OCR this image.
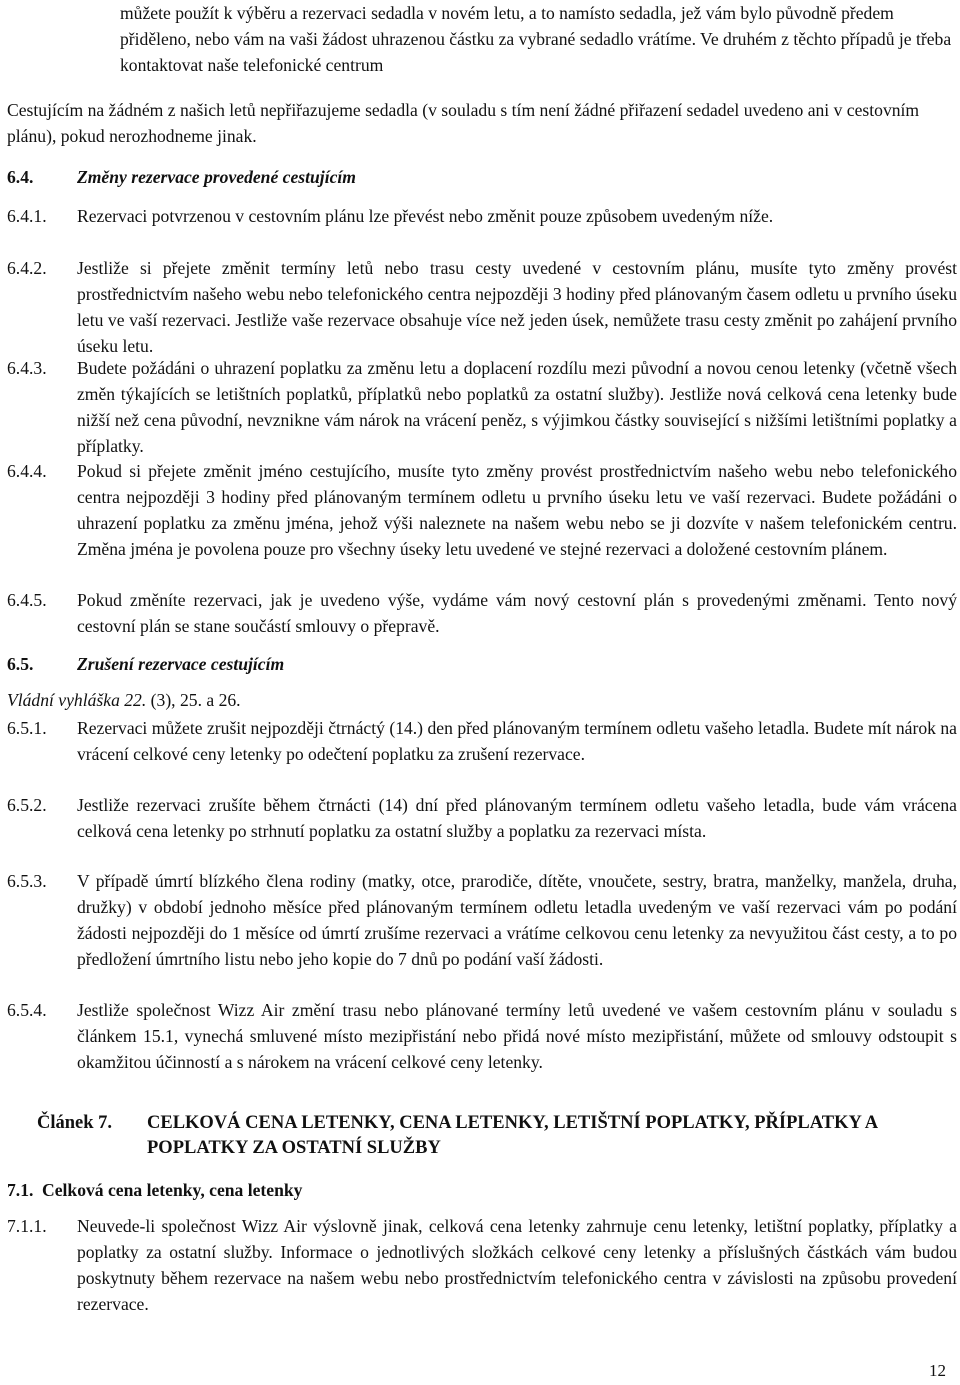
můžete použít k výběru a rezervaci sedadla v novém letu, a to namísto sedadla, jež vám bylo původně předem přiděleno, nebo vám na vaši žádost uhrazenou částku za vybrané sedadlo vrátíme. Ve druhém z těchto případů je třeba kontaktovat naše telefonické centrum
Cestujícím na žádném z našich letů nepřiřazujeme sedadla (v souladu s tím není žádné přiřazení sedadel uvedeno ani v cestovním plánu), pokud nerozhodneme jinak.
6.4. Změny rezervace provedené cestujícím
6.4.1.	Rezervaci potvrzenou v cestovním plánu lze převést nebo změnit pouze způsobem uvedeným níže.
6.4.2.	Jestliže si přejete změnit termíny letů nebo trasu cesty uvedené v cestovním plánu, musíte tyto změny provést prostřednictvím našeho webu nebo telefonického centra nejpozději 3 hodiny před plánovaným časem odletu u prvního úseku letu ve vaší rezervaci. Jestliže vaše rezervace obsahuje více než jeden úsek, nemůžete trasu cesty změnit po zahájení prvního úseku letu.
6.4.3.	Budete požádáni o uhrazení poplatku za změnu letu a doplacení rozdílu mezi původní a novou cenou letenky (včetně všech změn týkajících se letištních poplatků, příplatků nebo poplatků za ostatní služby). Jestliže nová celková cena letenky bude nižší než cena původní, nevznikne vám nárok na vrácení peněz, s výjimkou částky související s nižšími letištními poplatky a příplatky.
6.4.4.	Pokud si přejete změnit jméno cestujícího, musíte tyto změny provést prostřednictvím našeho webu nebo telefonického centra nejpozději 3 hodiny před plánovaným termínem odletu u prvního úseku letu ve vaší rezervaci. Budete požádáni o uhrazení poplatku za změnu jména, jehož výši naleznete na našem webu nebo se ji dozvíte v našem telefonickém centru. Změna jména je povolena pouze pro všechny úseky letu uvedené ve stejné rezervaci a doložené cestovním plánem.
6.4.5.	Pokud změníte rezervaci, jak je uvedeno výše, vydáme vám nový cestovní plán s provedenými změnami. Tento nový cestovní plán se stane součástí smlouvy o přepravě.
6.5. Zrušení rezervace cestujícím
Vládní vyhláška 22. (3), 25. a 26.
6.5.1.	Rezervaci můžete zrušit nejpozději čtrnáctý (14.) den před plánovaným termínem odletu vašeho letadla. Budete mít nárok na vrácení celkové ceny letenky po odečtení poplatku za zrušení rezervace.
6.5.2.	Jestliže rezervaci zrušíte během čtrnácti (14) dní před plánovaným termínem odletu vašeho letadla, bude vám vrácena celková cena letenky po strhnutí poplatku za ostatní služby a poplatku za rezervaci místa.
6.5.3.	V případě úmrtí blízkého člena rodiny (matky, otce, prarodiče, dítěte, vnoučete, sestry, bratra, manželky, manžela, druha, družky) v období jednoho měsíce před plánovaným termínem odletu letadla uvedeným ve vaší rezervaci vám po podání žádosti nejpozději do 1 měsíce od úmrtí zrušíme rezervaci a vrátíme celkovou cenu letenky za nevyužitou část cesty, a to po předložení úmrtního listu nebo jeho kopie do 7 dnů po podání vaší žádosti.
6.5.4.	Jestliže společnost Wizz Air změní trasu nebo plánované termíny letů uvedené ve vašem cestovním plánu v souladu s článkem 15.1, vynechá smluvené místo mezipřistání nebo přidá nové místo mezipřistání, můžete od smlouvy odstoupit s okamžitou účinností a s nárokem na vrácení celkové ceny letenky.
Článek 7.	CELKOVÁ CENA LETENKY, CENA LETENKY, LETIŠTNÍ POPLATKY, PŘÍPLATKY A POPLATKY ZA OSTATNÍ SLUŽBY
7.1. Celková cena letenky, cena letenky
7.1.1.	Neuvede-li společnost Wizz Air výslovně jinak, celková cena letenky zahrnuje cenu letenky, letištní poplatky, příplatky a poplatky za ostatní služby. Informace o jednotlivých složkách celkové ceny letenky a příslušných částkách vám budou poskytnuty během rezervace na našem webu nebo prostřednictvím telefonického centra v závislosti na způsobu provedení rezervace.
12
